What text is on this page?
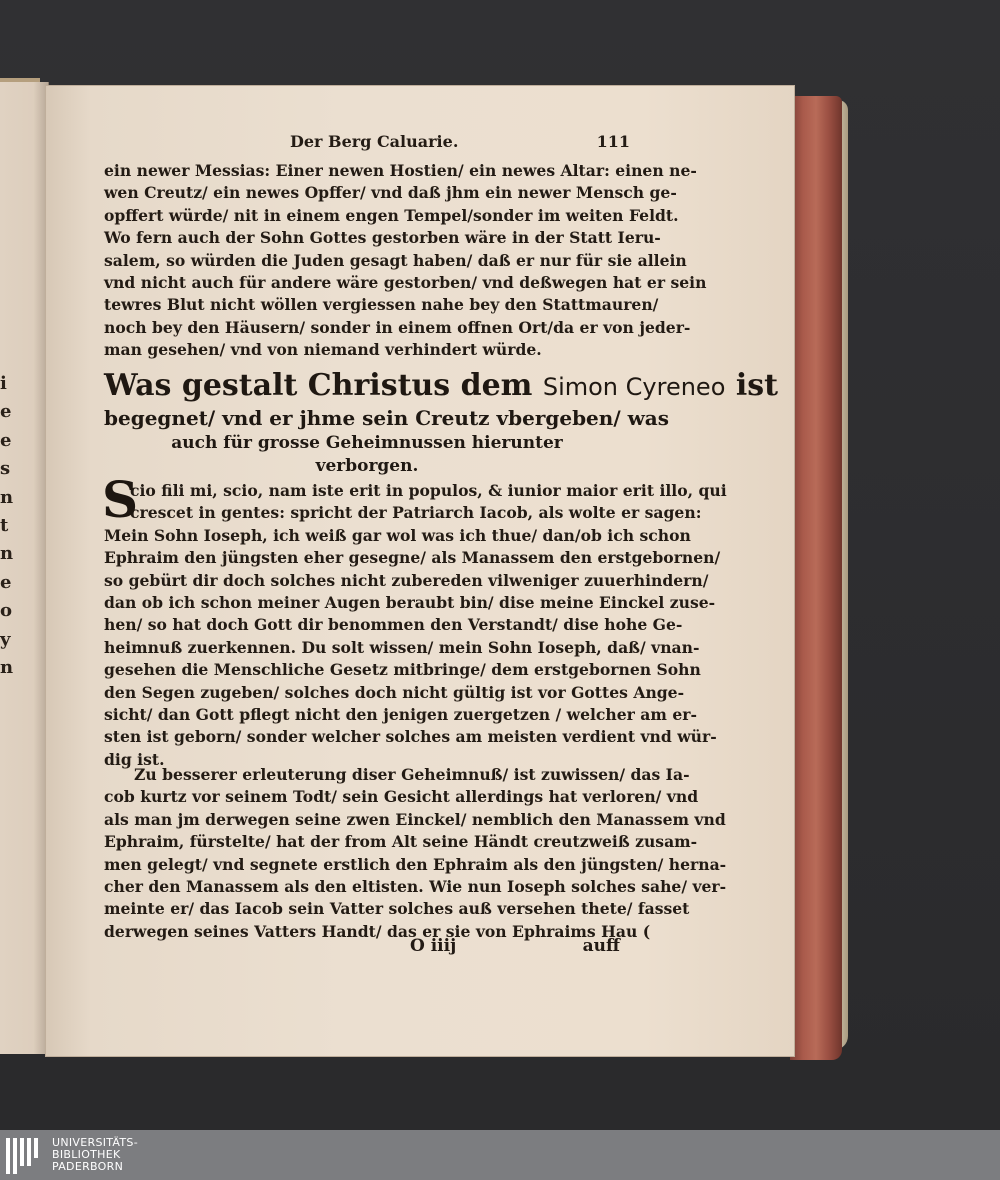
i
e
e
s
n
t
n
e
o
y
n
Der Berg Caluarie.	111

ein newer Messias: Einer newen Hostien/ ein newes Altar: einen ne-

wen Creutz/ ein newes Opffer/ vnd daß jhm ein newer Mensch ge-

opffert würde/ nit in einem engen Tempel/sonder im weiten Feldt.

Wo fern auch der Sohn Gottes gestorben wäre in der Statt Ieru-

salem, so würden die Juden gesagt haben/ daß er nur für sie allein

vnd nicht auch für andere wäre gestorben/ vnd deßwegen hat er sein

tewres Blut nicht wöllen vergiessen nahe bey den Stattmauren/

noch bey den Häusern/ sonder in einem offnen Ort/da er von jeder-

man gesehen/ vnd von niemand verhindert würde.

Was gestalt Christus dem Simon Cyreneo ist
begegnet/ vnd er jhme sein Creutz vbergeben/ was
auch für grosse Geheimnussen hierunter
verborgen.
S

cio fili mi, scio, nam iste erit in populos, & iunior maior erit illo, qui

crescet in gentes: spricht der Patriarch Iacob, als wolte er sagen:

Mein Sohn Ioseph, ich weiß gar wol was ich thue/ dan/ob ich schon

Ephraim den jüngsten eher gesegne/ als Manassem den erstgebornen/

so gebürt dir doch solches nicht zubereden vilweniger zuuerhindern/

dan ob ich schon meiner Augen beraubt bin/ dise meine Einckel zuse-

hen/ so hat doch Gott dir benommen den Verstandt/ dise hohe Ge-

heimnuß zuerkennen. Du solt wissen/ mein Sohn Ioseph, daß/ vnan-

gesehen die Menschliche Gesetz mitbringe/ dem erstgebornen Sohn

den Segen zugeben/ solches doch nicht gültig ist vor Gottes Ange-

sicht/ dan Gott pflegt nicht den jenigen zuergetzen / welcher am er-

sten ist geborn/ sonder welcher solches am meisten verdient vnd wür-

dig ist.

Zu besserer erleuterung diser Geheimnuß/ ist zuwissen/ das Ia-

cob kurtz vor seinem Todt/ sein Gesicht allerdings hat verloren/ vnd

als man jm derwegen seine zwen Einckel/ nemblich den Manassem vnd

Ephraim, fürstelte/ hat der from Alt seine Händt creutzweiß zusam-

men gelegt/ vnd segnete erstlich den Ephraim als den jüngsten/ herna-

cher den Manassem als den eltisten. Wie nun Ioseph solches sahe/ ver-

meinte er/ das Iacob sein Vatter solches auß versehen thete/ fasset

derwegen seines Vatters Handt/ das er sie von Ephraims Hau (

O iiij	auff
UNIVERSITÄTS-
BIBLIOTHEK
PADERBORN
